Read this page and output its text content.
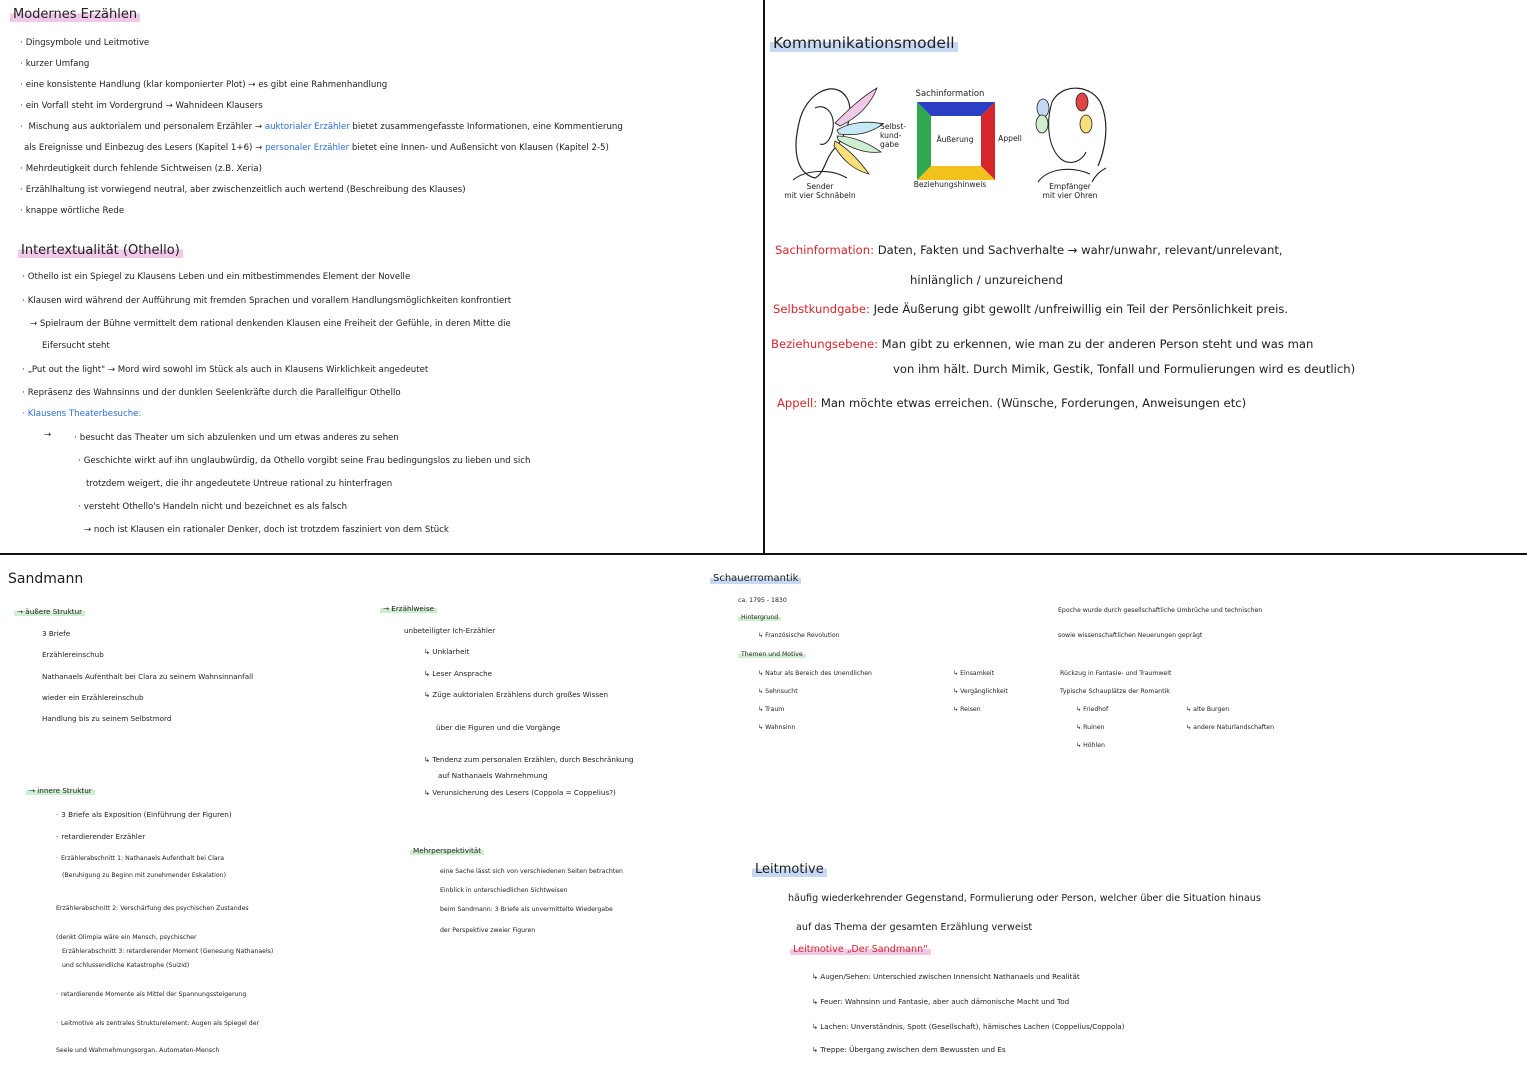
Modernes Erzählen
· Dingsymbole und Leitmotive
· kurzer Umfang
· eine konsistente Handlung (klar komponierter Plot) → es gibt eine Rahmenhandlung
· ein Vorfall steht im Vordergrund → Wahnideen Klausers
· Mischung aus auktorialem und personalem Erzähler → auktorialer Erzähler bietet zusammengefasste Informationen, eine Kommentierung
als Ereignisse und Einbezug des Lesers (Kapitel 1+6) → personaler Erzähler bietet eine Innen- und Außensicht von Klausen (Kapitel 2-5)
· Mehrdeutigkeit durch fehlende Sichtweisen (z.B. Xeria)
· Erzählhaltung ist vorwiegend neutral, aber zwischenzeitlich auch wertend (Beschreibung des Klauses)
· knappe wörtliche Rede
Intertextualität (Othello)
· Othello ist ein Spiegel zu Klausens Leben und ein mitbestimmendes Element der Novelle
· Klausen wird während der Aufführung mit fremden Sprachen und vorallem Handlungsmöglichkeiten konfrontiert
→ Spielraum der Bühne vermittelt dem rational denkenden Klausen eine Freiheit der Gefühle, in deren Mitte die
Eifersucht steht
· „Put out the light" → Mord wird sowohl im Stück als auch in Klausens Wirklichkeit angedeutet
· Repräsenz des Wahnsinns und der dunklen Seelenkräfte durch die Parallelfigur Othello
· Klausens Theaterbesuche:
→
·	besucht das Theater um sich abzulenken und um etwas anderes zu sehen
· Geschichte wirkt auf ihn unglaubwürdig, da Othello vorgibt seine Frau bedingungslos zu lieben und sich
trotzdem weigert, die ihr angedeutete Untreue rational zu hinterfragen
· versteht Othello's Handeln nicht und bezeichnet es als falsch
→ noch ist Klausen ein rationaler Denker, doch ist trotzdem fasziniert von dem Stück
Kommunikationsmodell
Sender
mit vier Schnäbeln
Sachinformation
Äußerung
Selbst-
kund-
gabe
Appell
Beziehungshinweis	Empfänger
mit vier Ohren
Sachinformation: Daten, Fakten und Sachverhalte → wahr/unwahr, relevant/unrelevant,
hinlänglich / unzureichend
Selbstkundgabe: Jede Äußerung gibt gewollt /unfreiwillig ein Teil der Persönlichkeit preis.
Beziehungsebene: Man gibt zu erkennen, wie man zu der anderen Person steht und was man
von ihm hält. Durch Mimik, Gestik, Tonfall und Formulierungen wird es deutlich)
Appell: Man möchte etwas erreichen. (Wünsche, Forderungen, Anweisungen etc)
Sandmann
→ äußere Struktur
3 Briefe
Erzählereinschub
Nathanaels Aufenthalt bei Clara zu seinem Wahnsinnanfall
wieder ein Erzählereinschub
Handlung bis zu seinem Selbstmord
→ Erzählweise
unbeteiligter Ich-Erzähler
↳ Unklarheit
↳ Leser Ansprache
↳ Züge auktorialen Erzählens durch großes Wissen
über die Figuren und die Vorgänge
↳ Tendenz zum personalen Erzählen, durch Beschränkung
auf Nathanaels Wahrnehmung
↳ Verunsicherung des Lesers (Coppola = Coppelius?)
→ innere Struktur
· 3 Briefe als Exposition (Einführung der Figuren)
· retardierender Erzähler
· Erzählerabschnitt 1: Nathanaels Aufenthalt bei Clara
(Beruhigung zu Beginn mit zunehmender Eskalation)
Erzählerabschnitt 2: Verschärfung des psychischen Zustandes
(denkt Olimpia wäre ein Mensch, psychischer
Erzählerabschnitt 3: retardierender Moment (Genesung Nathanaels)
und schlussendliche Katastrophe (Suizid)
· retardierende Momente als Mittel der Spannungssteigerung
· Leitmotive als zentrales Strukturelement: Augen als Spiegel der
Seele und Wahrnehmungsorgan, Automaten-Mensch
Mehrperspektivität
eine Sache lässt sich von verschiedenen Seiten betrachten
Einblick in unterschiedlichen Sichtweisen
beim Sandmann: 3 Briefe als unvermittelte Wiedergabe
der Perspektive zweier Figuren
Schauerromantik
ca. 1795 - 1830
Hintergrund
↳ Französische Revolution
Themen und Motive
↳ Natur als Bereich des Unendlichen
↳ Sehnsucht
↳ Traum
↳ Wahnsinn
↳ Einsamkeit
↳ Vergänglichkeit
↳ Reisen
Epoche wurde durch gesellschaftliche Umbrüche und technischen
sowie wissenschaftlichen Neuerungen geprägt
Rückzug in Fantasie- und Traumwelt
Typische Schauplätze der Romantik
↳ Friedhof
↳ Ruinen
↳ Höhlen
↳ alte Burgen
↳ andere Naturlandschaften
Leitmotive
häufig wiederkehrender Gegenstand, Formulierung oder Person, welcher über die Situation hinaus
auf das Thema der gesamten Erzählung verweist
Leitmotive „Der Sandmann"
↳ Augen/Sehen: Unterschied zwischen Innensicht Nathanaels und Realität
↳ Feuer: Wahnsinn und Fantasie, aber auch dämonische Macht und Tod
↳ Lachen: Unverständnis, Spott (Gesellschaft), hämisches Lachen (Coppelius/Coppola)
↳ Treppe: Übergang zwischen dem Bewussten und Es
